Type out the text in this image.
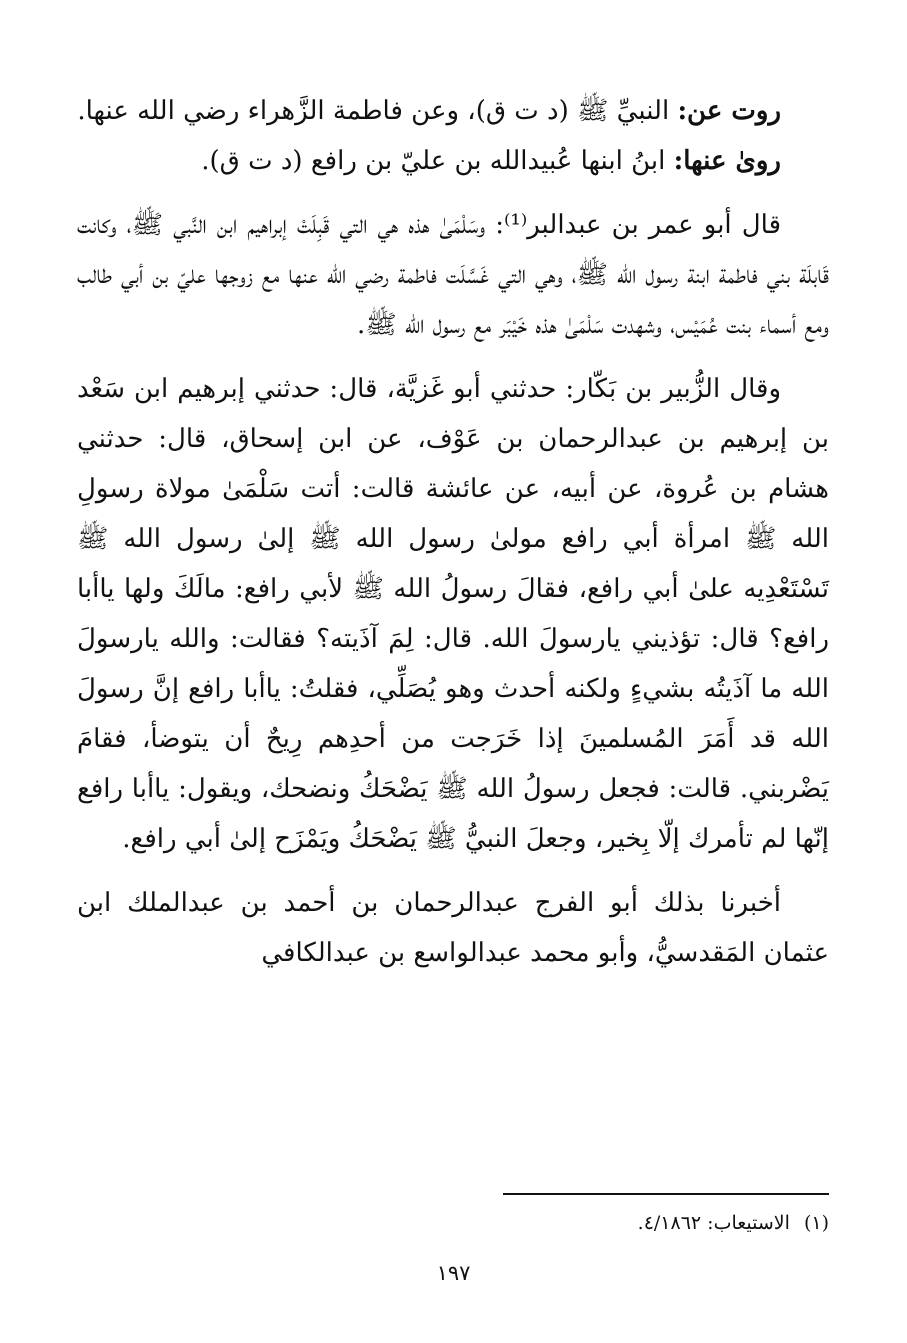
روت عن: النبيِّ ﷺ (د ت ق)، وعن فاطمة الزَّهراء رضي الله عنها.

روىٰ عنها: ابنُ ابنها عُبيدالله بن عليّ بن رافع (د ت ق).

قال أبو عمر بن عبدالبر⁽¹⁾: وسَلْمَىٰ هذه هي التي قَبِلَتْ إبراهيم ابن النَّبي ﷺ، وكانت قَابلَة بني فاطمة ابنة رسول الله ﷺ، وهي التي غَسَّلَت فاطمة رضي الله عنها مع زوجها عليّ بن أبي طالب ومع أسماء بنت عُمَيْس، وشهدت سَلْمَىٰ هذه خَيْبَر مع رسول الله ﷺ.

وقال الزُّبير بن بَكّار: حدثني أبو غَزيَّة، قال: حدثني إبرهيم ابن سَعْد بن إبرهيم بن عبدالرحمان بن عَوْف، عن ابن إسحاق، قال: حدثني هشام بن عُروة، عن أبيه، عن عائشة قالت: أتت سَلْمَىٰ مولاة رسولِ الله ﷺ امرأة أبي رافع مولىٰ رسول الله ﷺ إلىٰ رسول الله ﷺ تَسْتَعْدِيه علىٰ أبي رافع، فقالَ رسولُ الله ﷺ لأبي رافع: مالَكَ ولها ياأبا رافع؟ قال: تؤذيني يارسولَ الله. قال: لِمَ آذَيته؟ فقالت: والله يارسولَ الله ما آذَيتُه بشيءٍ ولكنه أحدث وهو يُصَلِّي، فقلتُ: ياأبا رافع إنَّ رسولَ الله قد أَمَرَ المُسلمينَ إذا خَرَجت من أحدِهم رِيحٌ أن يتوضأ، فقامَ يَضْربني. قالت: فجعل رسولُ الله ﷺ يَضْحَكُ ونضحك، ويقول: ياأبا رافع إنّها لم تأمرك إلّا بِخير، وجعلَ النبيُّ ﷺ يَضْحَكُ ويَمْزَح إلىٰ أبي رافع.

أخبرنا بذلك أبو الفرج عبدالرحمان بن أحمد بن عبدالملك ابن عثمان المَقدسيُّ، وأبو محمد عبدالواسع بن عبدالكافي

(١)الاستيعاب: ٤/١٨٦٢.
١٩٧
